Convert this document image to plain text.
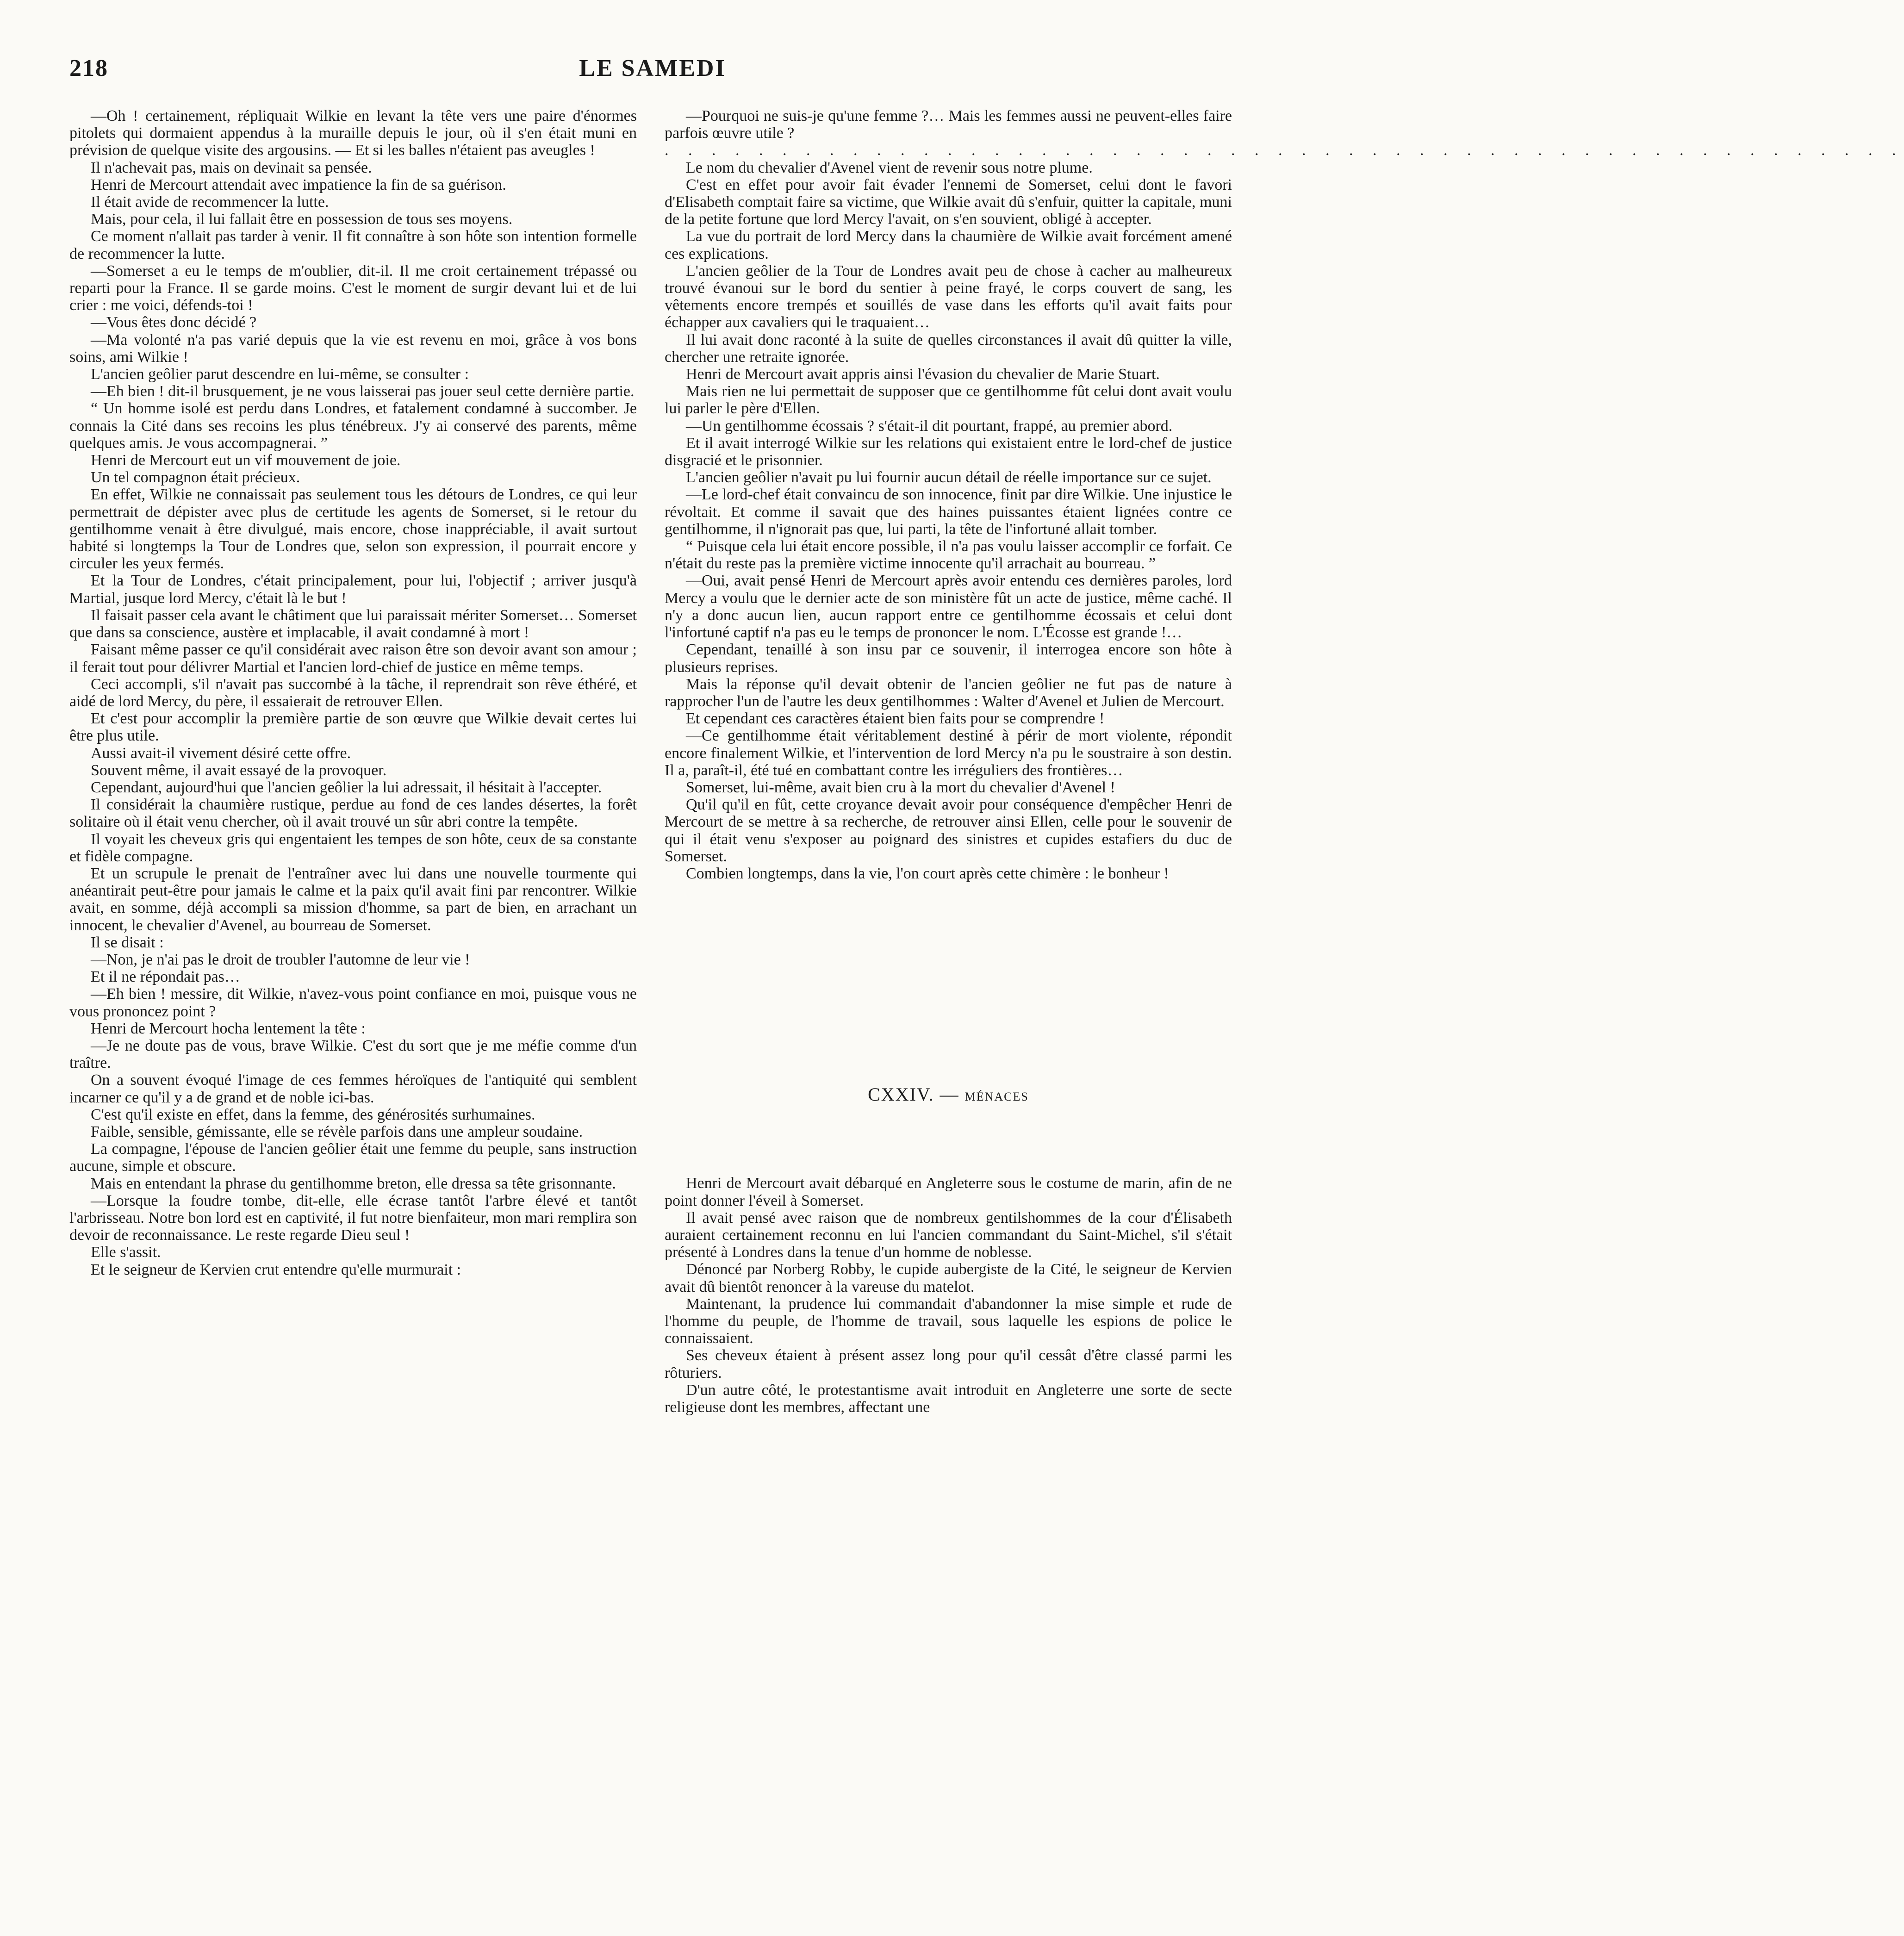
218	LE SAMEDI

—Oh ! certainement, répliquait Wilkie en levant la tête vers une paire d'énormes pitolets qui dormaient appendus à la muraille depuis le jour, où il s'en était muni en prévision de quelque visite des argousins. — Et si les balles n'étaient pas aveugles !

Il n'achevait pas, mais on devinait sa pensée.

Henri de Mercourt attendait avec impatience la fin de sa guérison.

Il était avide de recommencer la lutte.

Mais, pour cela, il lui fallait être en possession de tous ses moyens.

Ce moment n'allait pas tarder à venir. Il fit connaître à son hôte son intention formelle de recommencer la lutte.

—Somerset a eu le temps de m'oublier, dit-il. Il me croit certainement trépassé ou reparti pour la France. Il se garde moins. C'est le moment de surgir devant lui et de lui crier : me voici, défends-toi !

—Vous êtes donc décidé ?

—Ma volonté n'a pas varié depuis que la vie est revenu en moi, grâce à vos bons soins, ami Wilkie !

L'ancien geôlier parut descendre en lui-même, se consulter :

—Eh bien ! dit-il brusquement, je ne vous laisserai pas jouer seul cette dernière partie.

“ Un homme isolé est perdu dans Londres, et fatalement condamné à succomber. Je connais la Cité dans ses recoins les plus ténébreux. J'y ai conservé des parents, même quelques amis. Je vous accompagnerai. ”

Henri de Mercourt eut un vif mouvement de joie.

Un tel compagnon était précieux.

En effet, Wilkie ne connaissait pas seulement tous les détours de Londres, ce qui leur permettrait de dépister avec plus de certitude les agents de Somerset, si le retour du gentilhomme venait à être divulgué, mais encore, chose inappréciable, il avait surtout habité si longtemps la Tour de Londres que, selon son expression, il pourrait encore y circuler les yeux fermés.

Et la Tour de Londres, c'était principalement, pour lui, l'objectif ; arriver jusqu'à Martial, jusque lord Mercy, c'était là le but !

Il faisait passer cela avant le châtiment que lui paraissait mériter Somerset… Somerset que dans sa conscience, austère et implacable, il avait condamné à mort !

Faisant même passer ce qu'il considérait avec raison être son devoir avant son amour ; il ferait tout pour délivrer Martial et l'ancien lord-chief de justice en même temps.

Ceci accompli, s'il n'avait pas succombé à la tâche, il reprendrait son rêve éthéré, et aidé de lord Mercy, du père, il essaierait de retrouver Ellen.

Et c'est pour accomplir la première partie de son œuvre que Wilkie devait certes lui être plus utile.

Aussi avait-il vivement désiré cette offre.

Souvent même, il avait essayé de la provoquer.

Cependant, aujourd'hui que l'ancien geôlier la lui adressait, il hésitait à l'accepter.

Il considérait la chaumière rustique, perdue au fond de ces landes désertes, la forêt solitaire où il était venu chercher, où il avait trouvé un sûr abri contre la tempête.

Il voyait les cheveux gris qui engentaient les tempes de son hôte, ceux de sa constante et fidèle compagne.

Et un scrupule le prenait de l'entraîner avec lui dans une nouvelle tourmente qui anéantirait peut-être pour jamais le calme et la paix qu'il avait fini par rencontrer. Wilkie avait, en somme, déjà accompli sa mission d'homme, sa part de bien, en arrachant un innocent, le chevalier d'Avenel, au bourreau de Somerset.

Il se disait :

—Non, je n'ai pas le droit de troubler l'automne de leur vie !

Et il ne répondait pas…

—Eh bien ! messire, dit Wilkie, n'avez-vous point confiance en moi, puisque vous ne vous prononcez point ?

Henri de Mercourt hocha lentement la tête :

—Je ne doute pas de vous, brave Wilkie. C'est du sort que je me méfie comme d'un traître.

On a souvent évoqué l'image de ces femmes héroïques de l'antiquité qui semblent incarner ce qu'il y a de grand et de noble ici-bas.

C'est qu'il existe en effet, dans la femme, des générosités surhumaines.

Faible, sensible, gémissante, elle se révèle parfois dans une ampleur soudaine.

La compagne, l'épouse de l'ancien geôlier était une femme du peuple, sans instruction aucune, simple et obscure.

Mais en entendant la phrase du gentilhomme breton, elle dressa sa tête grisonnante.

—Lorsque la foudre tombe, dit-elle, elle écrase tantôt l'arbre élevé et tantôt l'arbrisseau. Notre bon lord est en captivité, il fut notre bienfaiteur, mon mari remplira son devoir de reconnaissance. Le reste regarde Dieu seul !

Elle s'assit.

Et le seigneur de Kervien crut entendre qu'elle murmurait :

—Pourquoi ne suis-je qu'une femme ?… Mais les femmes aussi ne peuvent-elles faire parfois œuvre utile ?

. . . . . . . . . . . . . . . . . . . . . . . . . . . . . . . . . . . . . . . . . . . . . . . . . . . . .

Le nom du chevalier d'Avenel vient de revenir sous notre plume.

C'est en effet pour avoir fait évader l'ennemi de Somerset, celui dont le favori d'Elisabeth comptait faire sa victime, que Wilkie avait dû s'enfuir, quitter la capitale, muni de la petite fortune que lord Mercy l'avait, on s'en souvient, obligé à accepter.

La vue du portrait de lord Mercy dans la chaumière de Wilkie avait forcément amené ces explications.

L'ancien geôlier de la Tour de Londres avait peu de chose à cacher au malheureux trouvé évanoui sur le bord du sentier à peine frayé, le corps couvert de sang, les vêtements encore trempés et souillés de vase dans les efforts qu'il avait faits pour échapper aux cavaliers qui le traquaient…

Il lui avait donc raconté à la suite de quelles circonstances il avait dû quitter la ville, chercher une retraite ignorée.

Henri de Mercourt avait appris ainsi l'évasion du chevalier de Marie Stuart.

Mais rien ne lui permettait de supposer que ce gentilhomme fût celui dont avait voulu lui parler le père d'Ellen.

—Un gentilhomme écossais ? s'était-il dit pourtant, frappé, au premier abord.

Et il avait interrogé Wilkie sur les relations qui existaient entre le lord-chef de justice disgracié et le prisonnier.

L'ancien geôlier n'avait pu lui fournir aucun détail de réelle importance sur ce sujet.

—Le lord-chef était convaincu de son innocence, finit par dire Wilkie. Une injustice le révoltait. Et comme il savait que des haines puissantes étaient lignées contre ce gentilhomme, il n'ignorait pas que, lui parti, la tête de l'infortuné allait tomber.

“ Puisque cela lui était encore possible, il n'a pas voulu laisser accomplir ce forfait. Ce n'était du reste pas la première victime innocente qu'il arrachait au bourreau. ”

—Oui, avait pensé Henri de Mercourt après avoir entendu ces dernières paroles, lord Mercy a voulu que le dernier acte de son ministère fût un acte de justice, même caché. Il n'y a donc aucun lien, aucun rapport entre ce gentilhomme écossais et celui dont l'infortuné captif n'a pas eu le temps de prononcer le nom. L'Écosse est grande !…

Cependant, tenaillé à son insu par ce souvenir, il interrogea encore son hôte à plusieurs reprises.

Mais la réponse qu'il devait obtenir de l'ancien geôlier ne fut pas de nature à rapprocher l'un de l'autre les deux gentilhommes : Walter d'Avenel et Julien de Mercourt.

Et cependant ces caractères étaient bien faits pour se comprendre !

—Ce gentilhomme était véritablement destiné à périr de mort violente, répondit encore finalement Wilkie, et l'intervention de lord Mercy n'a pu le soustraire à son destin. Il a, paraît-il, été tué en combattant contre les irréguliers des frontières…

Somerset, lui-même, avait bien cru à la mort du chevalier d'Avenel !

Qu'il qu'il en fût, cette croyance devait avoir pour conséquence d'empêcher Henri de Mercourt de se mettre à sa recherche, de retrouver ainsi Ellen, celle pour le souvenir de qui il était venu s'exposer au poignard des sinistres et cupides estafiers du duc de Somerset.

Combien longtemps, dans la vie, l'on court après cette chimère : le bonheur !

CXXIV. — MÉNACES

Henri de Mercourt avait débarqué en Angleterre sous le costume de marin, afin de ne point donner l'éveil à Somerset.

Il avait pensé avec raison que de nombreux gentilshommes de la cour d'Élisabeth auraient certainement reconnu en lui l'ancien commandant du Saint-Michel, s'il s'était présenté à Londres dans la tenue d'un homme de noblesse.

Dénoncé par Norberg Robby, le cupide aubergiste de la Cité, le seigneur de Kervien avait dû bientôt renoncer à la vareuse du matelot.

Maintenant, la prudence lui commandait d'abandonner la mise simple et rude de l'homme du peuple, de l'homme de travail, sous laquelle les espions de police le connaissaient.

Ses cheveux étaient à présent assez long pour qu'il cessât d'être classé parmi les rôturiers.

D'un autre côté, le protestantisme avait introduit en Angleterre une sorte de secte religieuse dont les membres, affectant une
